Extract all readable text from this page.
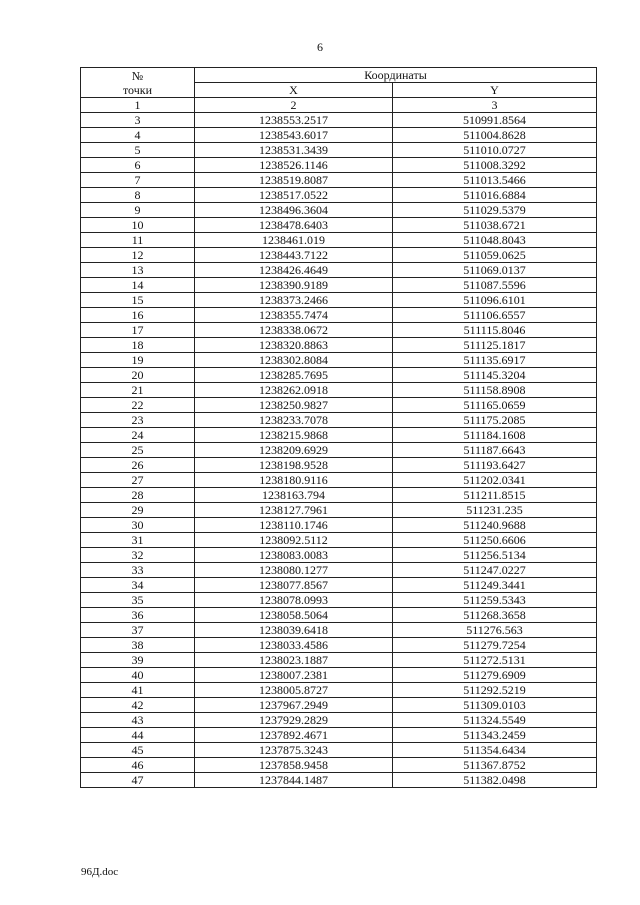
6
№
точки	Координаты	
	X	Y
1	2	3
3	1238553.2517	510991.8564
4	1238543.6017	511004.8628
5	1238531.3439	511010.0727
6	1238526.1146	511008.3292
7	1238519.8087	511013.5466
8	1238517.0522	511016.6884
9	1238496.3604	511029.5379
10	1238478.6403	511038.6721
11	1238461.019	511048.8043
12	1238443.7122	511059.0625
13	1238426.4649	511069.0137
14	1238390.9189	511087.5596
15	1238373.2466	511096.6101
16	1238355.7474	511106.6557
17	1238338.0672	511115.8046
18	1238320.8863	511125.1817
19	1238302.8084	511135.6917
20	1238285.7695	511145.3204
21	1238262.0918	511158.8908
22	1238250.9827	511165.0659
23	1238233.7078	511175.2085
24	1238215.9868	511184.1608
25	1238209.6929	511187.6643
26	1238198.9528	511193.6427
27	1238180.9116	511202.0341
28	1238163.794	511211.8515
29	1238127.7961	511231.235
30	1238110.1746	511240.9688
31	1238092.5112	511250.6606
32	1238083.0083	511256.5134
33	1238080.1277	511247.0227
34	1238077.8567	511249.3441
35	1238078.0993	511259.5343
36	1238058.5064	511268.3658
37	1238039.6418	511276.563
38	1238033.4586	511279.7254
39	1238023.1887	511272.5131
40	1238007.2381	511279.6909
41	1238005.8727	511292.5219
42	1237967.2949	511309.0103
43	1237929.2829	511324.5549
44	1237892.4671	511343.2459
45	1237875.3243	511354.6434
46	1237858.9458	511367.8752
47	1237844.1487	511382.0498
96Д.doc
